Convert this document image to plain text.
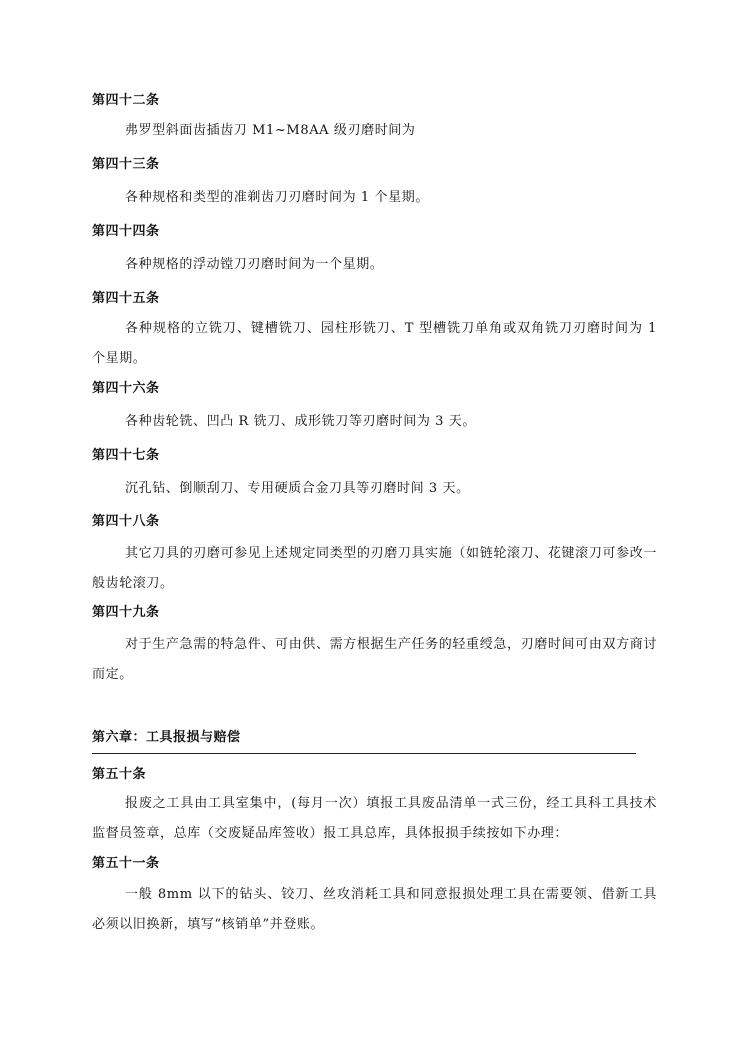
第四十二条
弗罗型斜面齿插齿刀 M1~M8AA 级刃磨时间为
第四十三条
各种规格和类型的准剃齿刀刃磨时间为 1 个星期。
第四十四条
各种规格的浮动镗刀刃磨时间为一个星期。
第四十五条
各种规格的立铣刀、键槽铣刀、园柱形铣刀、T 型槽铣刀单角或双角铣刀刃磨时间为 1 个星期。
第四十六条
各种齿轮铣、凹凸 R 铣刀、成形铣刀等刃磨时间为 3 天。
第四十七条
沉孔钻、倒顺刮刀、专用硬质合金刀具等刃磨时间 3 天。
第四十八条
其它刀具的刃磨可参见上述规定同类型的刃磨刀具实施（如链轮滚刀、花键滚刀可参改一般齿轮滚刀。
第四十九条
对于生产急需的特急件、可由供、需方根据生产任务的轻重绶急，刃磨时间可由双方商讨而定。
第六章：工具报损与赔偿
第五十条
报废之工具由工具室集中，(每月一次）填报工具废品清单一式三份，经工具科工具技术监督员签章，总库（交废疑品库签收）报工具总库，具体报损手续按如下办理：
第五十一条
一般 8mm 以下的钻头、铰刀、丝攻消耗工具和同意报损处理工具在需要领、借新工具必须以旧换新，填写“核销单”并登账。
